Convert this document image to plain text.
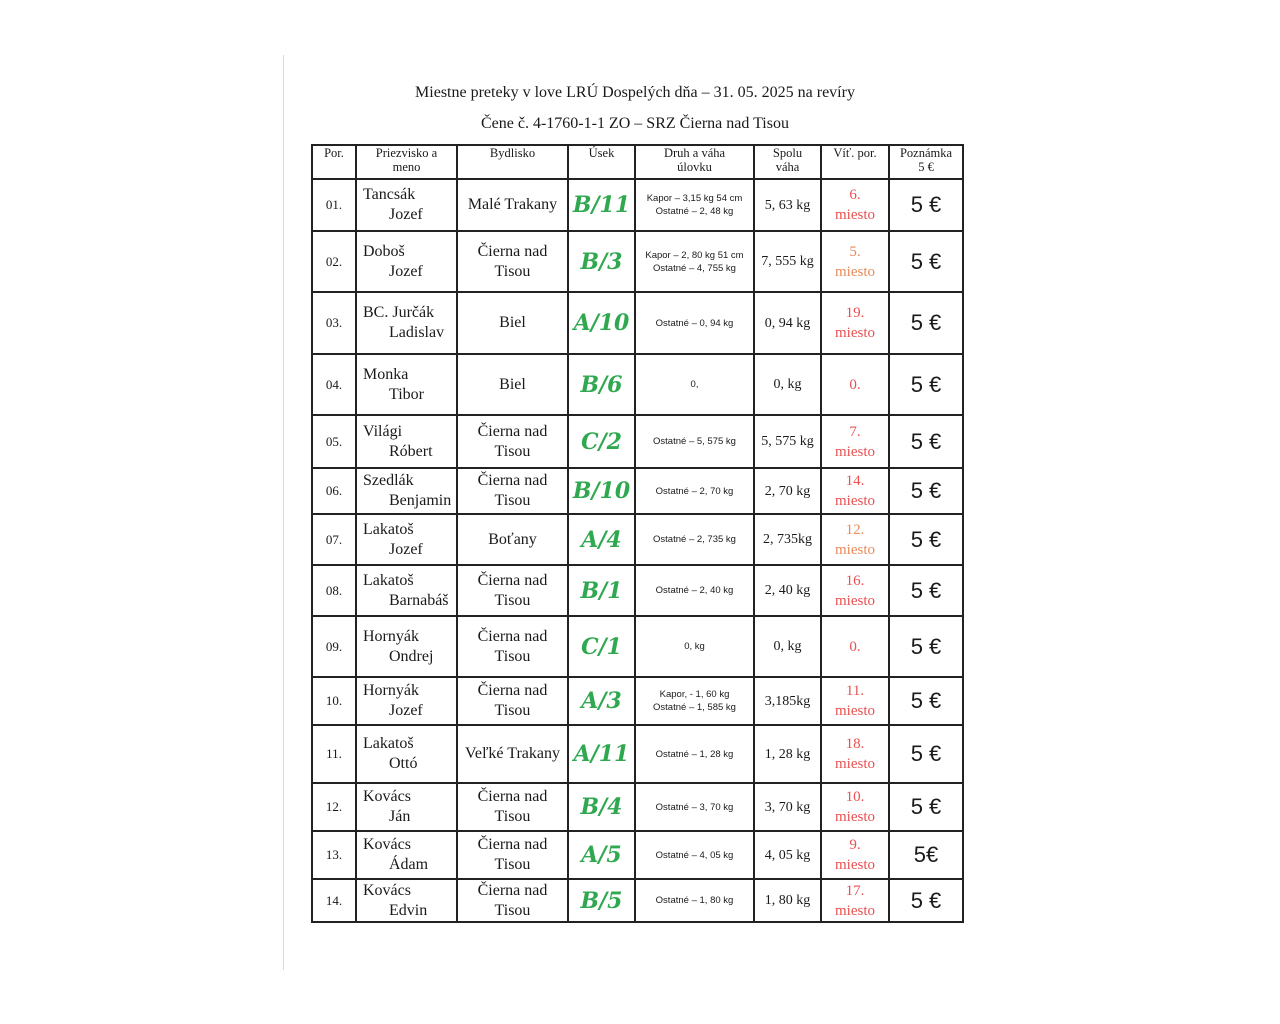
Miestne preteky v love LRÚ Dospelých dňa – 31. 05. 2025 na revíry
Čene č. 4-1760-1-1 ZO – SRZ Čierna nad Tisou
Por.	Priezvisko a
meno	Bydlisko	Úsek	Druh a váha
úlovku	Spolu
váha	Víť. por.	Poznámka
5 €
01.	Tancsák
Jozef	Malé Trakany	B/11	Kapor – 3,15 kg 54 cm
Ostatné – 2, 48 kg	5, 63 kg	6.
miesto	5 €
02.	Doboš
Jozef	Čierna nad Tisou	B/3	Kapor – 2, 80 kg 51 cm
Ostatné – 4, 755 kg	7, 555 kg	5.
miesto	5 €
03.	BC. Jurčák
Ladislav	Biel	A/10	Ostatné – 0, 94 kg	0, 94 kg	19.
miesto	5 €
04.	Monka
Tibor	Biel	B/6	0,	0, kg	0.	5 €
05.	Világi
Róbert	Čierna nad Tisou	C/2	Ostatné – 5, 575 kg	5, 575 kg	7.
miesto	5 €
06.	Szedlák
Benjamin	Čierna nad Tisou	B/10	Ostatné – 2, 70 kg	2, 70 kg	14.
miesto	5 €
07.	Lakatoš
Jozef	Boťany	A/4	Ostatné – 2, 735 kg	2, 735kg	12.
miesto	5 €
08.	Lakatoš
Barnabáš	Čierna nad Tisou	B/1	Ostatné – 2, 40 kg	2, 40 kg	16.
miesto	5 €
09.	Hornyák
Ondrej	Čierna nad Tisou	C/1	0, kg	0, kg	0.	5 €
10.	Hornyák
Jozef	Čierna nad Tisou	A/3	Kapor, - 1, 60 kg
Ostatné – 1, 585 kg	3,185kg	11.
miesto	5 €
11.	Lakatoš
Ottó	Veľké Trakany	A/11	Ostatné – 1, 28 kg	1, 28 kg	18.
miesto	5 €
12.	Kovács
Ján	Čierna nad Tisou	B/4	Ostatné – 3, 70 kg	3, 70 kg	10.
miesto	5 €
13.	Kovács
Ádam	Čierna nad Tisou	A/5	Ostatné – 4, 05 kg	4, 05 kg	9.
miesto	5€
14.	Kovács
Edvin	Čierna nad Tisou	B/5	Ostatné – 1, 80 kg	1, 80 kg	17.
miesto	5 €
